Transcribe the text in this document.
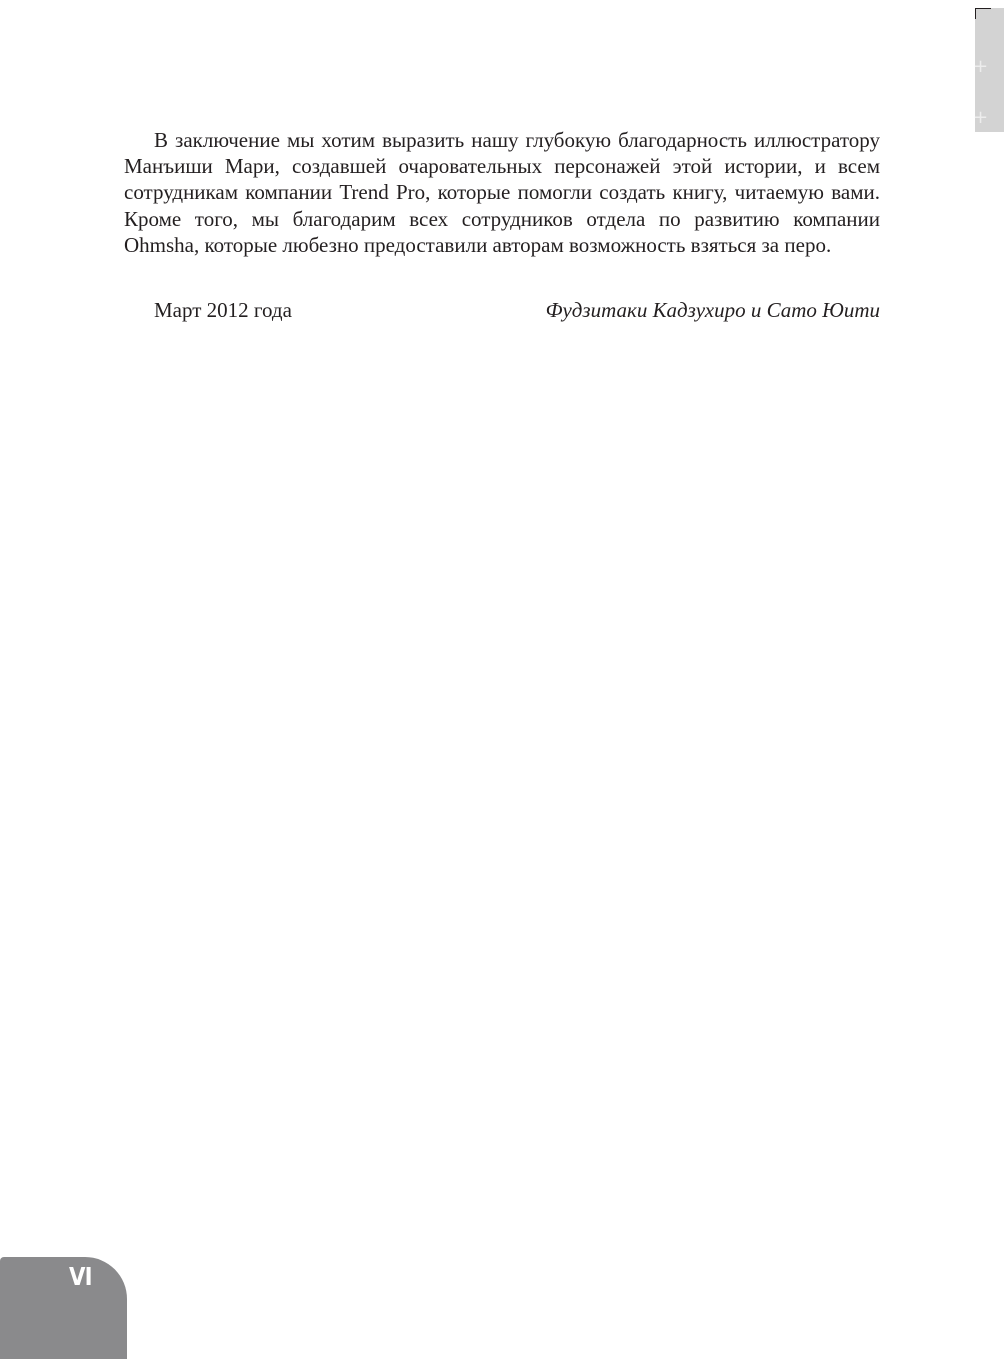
В заключение мы хотим выразить нашу глубокую благодарность иллюстратору Манъиши Мари, создавшей очаровательных персонажей этой истории, и всем сотрудникам компании Trend Pro, которые помогли создать книгу, читаемую вами. Кроме того, мы благодарим всех сотрудников отдела по развитию компании Ohmsha, которые любезно предоставили авторам возможность взяться за перо.

Март 2012 года	Фудзитаки Кадзухиро и Сато Юити
+
+
VI
